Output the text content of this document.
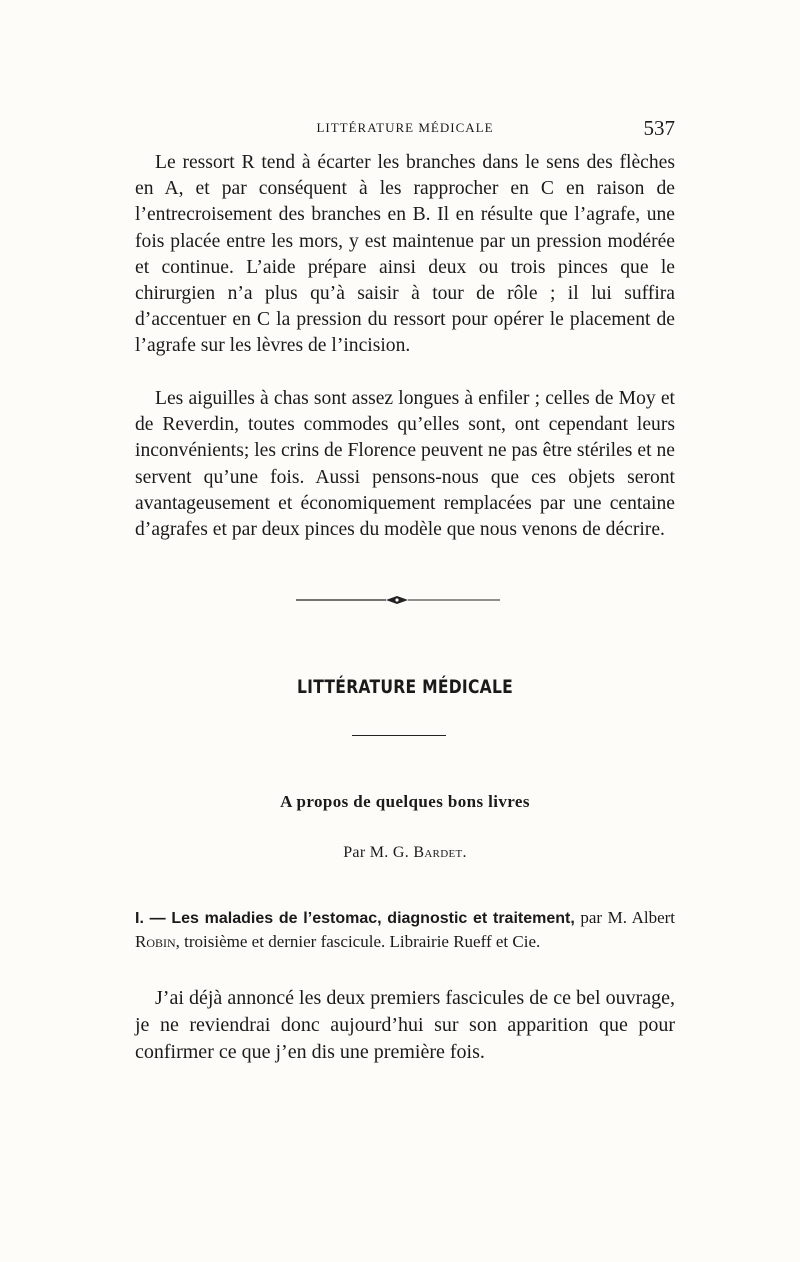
LITTÉRATURE MÉDICALE	537

Le ressort R tend à écarter les branches dans le sens des flèches en A, et par conséquent à les rapprocher en C en raison de l’entrecroisement des branches en B. Il en résulte que l’agrafe, une fois placée entre les mors, y est maintenue par un pression modérée et continue. L’aide prépare ainsi deux ou trois pinces que le chirurgien n’a plus qu’à saisir à tour de rôle ; il lui suffira d’accentuer en C la pression du ressort pour opérer le placement de l’agrafe sur les lèvres de l’incision.

Les aiguilles à chas sont assez longues à enfiler ; celles de Moy et de Reverdin, toutes commodes qu’elles sont, ont cependant leurs inconvénients; les crins de Florence peuvent ne pas être stériles et ne servent qu’une fois. Aussi pensons-nous que ces objets seront avantageusement et économiquement remplacées par une centaine d’agrafes et par deux pinces du modèle que nous venons de décrire.

LITTÉRATURE MÉDICALE
A propos de quelques bons livres
Par M. G. Bardet.
I. — Les maladies de l’estomac, diagnostic et traitement, par M. Albert Robin, troisième et dernier fascicule. Librairie Rueff et Cie.

J’ai déjà annoncé les deux premiers fascicules de ce bel ouvrage, je ne reviendrai donc aujourd’hui sur son apparition que pour confirmer ce que j’en dis une première fois.
